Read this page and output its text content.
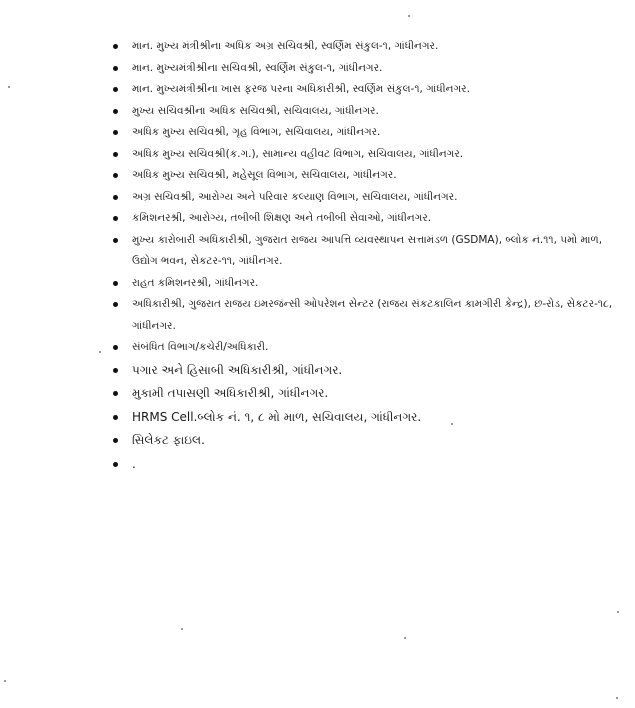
માન. મુખ્ય મંત્રીશ્રીના અધિક અગ્ર સચિવશ્રી, સ્વર્ણિમ સંકુલ-૧, ગાંધીનગર.
માન. મુખ્યમંત્રીશ્રીના સચિવશ્રી, સ્વર્ણિમ સંકુલ-૧, ગાંધીનગર.
માન. મુખ્યમંત્રીશ્રીના ખાસ ફરજ પરના અધિકારીશ્રી, સ્વર્ણિમ સંકુલ-૧, ગાંધીનગર.
મુખ્ય સચિવશ્રીના અધિક સચિવશ્રી, સચિવાલય, ગાંધીનગર.
અધિક મુખ્ય સચિવશ્રી, ગૃહ વિભાગ, સચિવાલય, ગાંધીનગર.
અધિક મુખ્ય સચિવશ્રી(ક.ગ.), સામાન્ય વહીવટ વિભાગ, સચિવાલય, ગાંધીનગર.
અધિક મુખ્ય સચિવશ્રી, મહેસૂલ વિભાગ, સચિવાલય, ગાંધીનગર.
અગ્ર સચિવશ્રી, આરોગ્ય અને પરિવાર કલ્યાણ વિભાગ, સચિવાલય, ગાંધીનગર.
કમિશનરશ્રી, આરોગ્ય, તબીબી શિક્ષણ અને તબીબી સેવાઓ, ગાંધીનગર.
મુખ્ય કારોબારી અધિકારીશ્રી, ગુજરાત રાજય આપત્તિ વ્યવસ્થાપન સત્તામંડળ (GSDMA), બ્લોક નં.૧૧, ૫મો માળ, ઉદ્યોગ ભવન, સેકટર-૧૧, ગાંધીનગર.
રાહત કમિશનરશ્રી, ગાંધીનગર.
અધિકારીશ્રી, ગુજરાત રાજય ઇમરજંન્સી ઓપરેશન સેન્ટર (રાજય સંકટકાલિન કામગીરી કેન્દ્ર), છ-રોડ, સેકટર-૧૮, ગાંધીનગર.
સંબંધિત વિભાગ/કચેરી/અધિકારી.
પગાર અને હિસાબી અધિકારીશ્રી, ગાંધીનગર.
મુકામી તપાસણી અધિકારીશ્રી, ગાંધીનગર.
HRMS Cell.બ્લોક નં. ૧, ૮ મો માળ, સચિવાલય, ગાંધીનગર.
સિલેકટ ફાઇલ.
.
